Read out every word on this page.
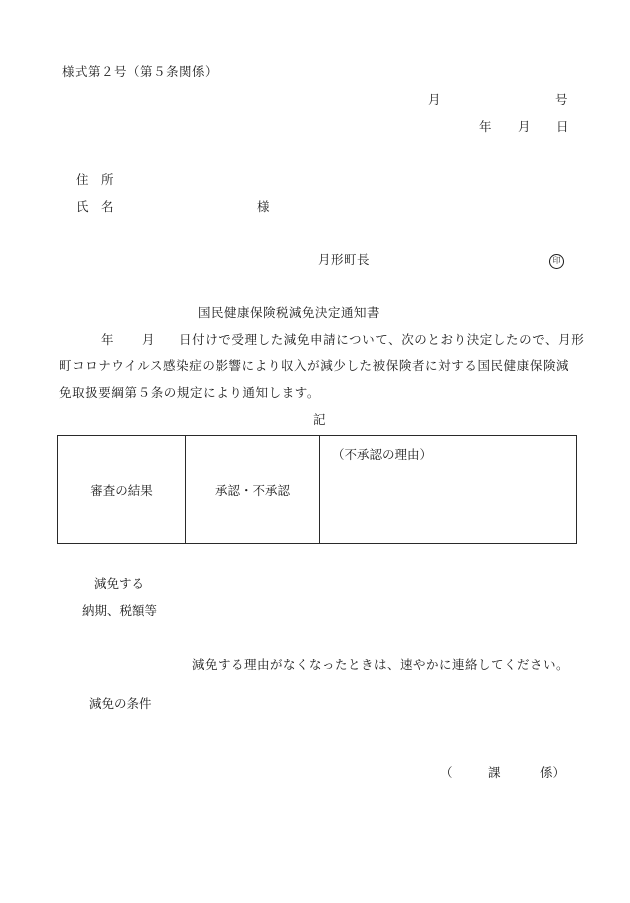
様式第２号（第５条関係）
月	号
年 月 日
住　所
氏　名	様
月形町長	印
国民健康保険税減免決定通知書
年 月 日付けで受理した減免申請について、次のとおり決定したので、月形
町コロナウイルス感染症の影響により収入が減少した被保険者に対する国民健康保険減
免取扱要綱第５条の規定により通知します。
記
審査の結果	承認・不承認	（不承認の理由）
減免する
納期、税額等
減免する理由がなくなったときは、速やかに連絡してください。
減免の条件
（	課	係）
